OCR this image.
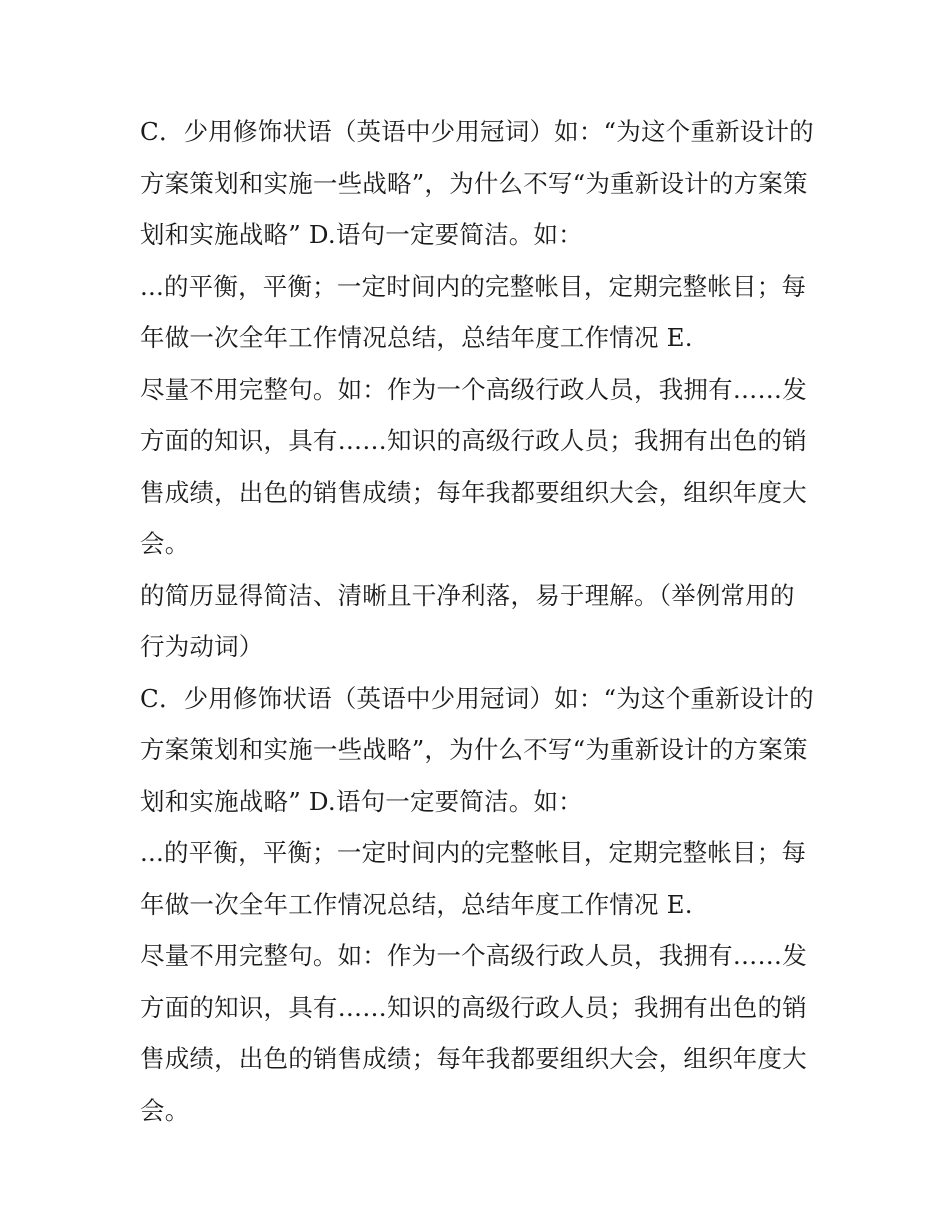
C．少用修饰状语（英语中少用冠词）如：“为这个重新设计的
方案策划和实施一些战略”，为什么不写“为重新设计的方案策
划和实施战略” D.语句一定要简洁。如：

...的平衡，平衡；一定时间内的完整帐目，定期完整帐目；每
年做一次全年工作情况总结，总结年度工作情况 E.

尽量不用完整句。如：作为一个高级行政人员，我拥有……发
方面的知识，具有……知识的高级行政人员；我拥有出色的销
售成绩，出色的销售成绩；每年我都要组织大会，组织年度大
会。

的简历显得简洁、清晰且干净利落，易于理解。（举例常用的
行为动词）

C．少用修饰状语（英语中少用冠词）如：“为这个重新设计的
方案策划和实施一些战略”，为什么不写“为重新设计的方案策
划和实施战略” D.语句一定要简洁。如：

...的平衡，平衡；一定时间内的完整帐目，定期完整帐目；每
年做一次全年工作情况总结，总结年度工作情况 E.

尽量不用完整句。如：作为一个高级行政人员，我拥有……发
方面的知识，具有……知识的高级行政人员；我拥有出色的销
售成绩，出色的销售成绩；每年我都要组织大会，组织年度大
会。
